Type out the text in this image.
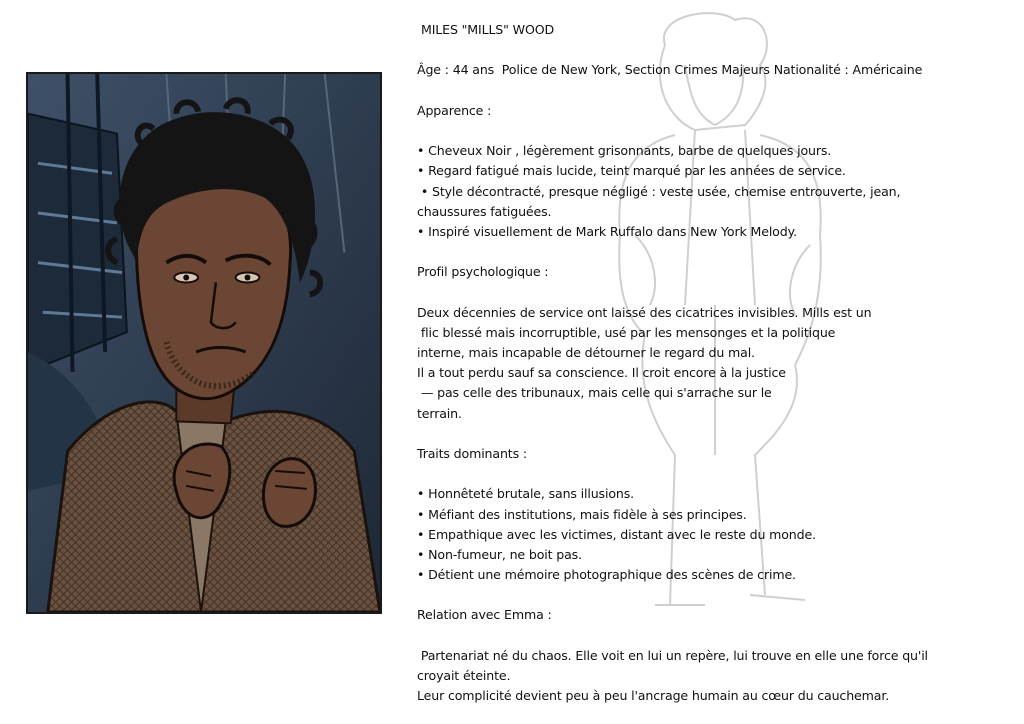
MILES "MILLS" WOOD
Âge : 44 ans  Police de New York, Section Crimes Majeurs Nationalité : Américaine
Apparence :
• Cheveux Noir , légèrement grisonnants, barbe de quelques jours.
• Regard fatigué mais lucide, teint marqué par les années de service.
• Style décontracté, presque négligé : veste usée, chemise entrouverte, jean,
chaussures fatiguées.
• Inspiré visuellement de Mark Ruffalo dans New York Melody.
Profil psychologique :
Deux décennies de service ont laissé des cicatrices invisibles. Mills est un
flic blessé mais incorruptible, usé par les mensonges et la politique
interne, mais incapable de détourner le regard du mal.
Il a tout perdu sauf sa conscience. Il croit encore à la justice
— pas celle des tribunaux, mais celle qui s'arrache sur le
terrain.
Traits dominants :
• Honnêteté brutale, sans illusions.
• Méfiant des institutions, mais fidèle à ses principes.
• Empathique avec les victimes, distant avec le reste du monde.
• Non-fumeur, ne boit pas.
• Détient une mémoire photographique des scènes de crime.
Relation avec Emma :
Partenariat né du chaos. Elle voit en lui un repère, lui trouve en elle une force qu'il
croyait éteinte.
Leur complicité devient peu à peu l'ancrage humain au cœur du cauchemar.
